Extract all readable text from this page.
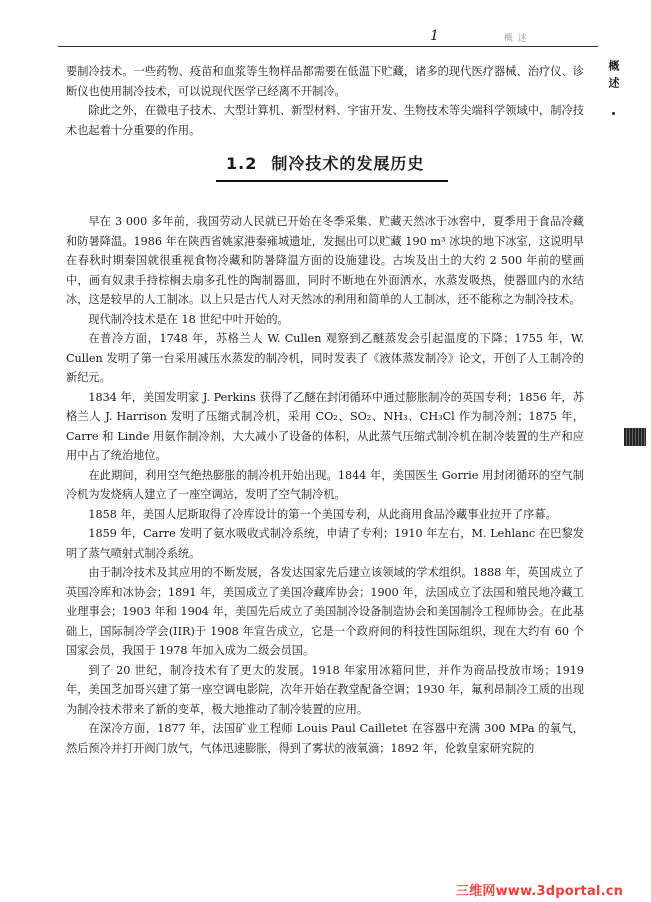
1	概 述
概述

要制冷技术。一些药物、疫苗和血浆等生物样品都需要在低温下贮藏，诸多的现代医疗器械、治疗仪、诊断仪也使用制冷技术，可以说现代医学已经离不开制冷。

除此之外，在微电子技术、大型计算机、新型材料、宇宙开发、生物技术等尖端科学领域中，制冷技术也起着十分重要的作用。

1.2 制冷技术的发展历史

早在 3 000 多年前，我国劳动人民就已开始在冬季采集、贮藏天然冰于冰窖中，夏季用于食品冷藏和防暑降温。1986 年在陕西省姚家港秦雍城遗址，发掘出可以贮藏 190 m³ 冰块的地下冰室，这说明早在春秋时期秦国就很重视食物冷藏和防暑降温方面的设施建设。古埃及出土的大约 2 500 年前的壁画中，画有奴隶手持棕榈去扇多孔性的陶制器皿，同时不断地在外面洒水，水蒸发吸热，使器皿内的水结冰，这是较早的人工制冰。以上只是古代人对天然冰的利用和简单的人工制冰，还不能称之为制冷技术。

现代制冷技术是在 18 世纪中叶开始的。

在普冷方面，1748 年，苏格兰人 W. Cullen 观察到乙醚蒸发会引起温度的下降；1755 年，W. Cullen 发明了第一台采用减压水蒸发的制冷机，同时发表了《液体蒸发制冷》论文，开创了人工制冷的新纪元。

1834 年，美国发明家 J. Perkins 获得了乙醚在封闭循环中通过膨胀制冷的英国专利；1856 年，苏格兰人 J. Harrison 发明了压缩式制冷机，采用 CO₂、SO₂、NH₃、CH₃Cl 作为制冷剂；1875 年，Carre 和 Linde 用氨作制冷剂，大大减小了设备的体积，从此蒸气压缩式制冷机在制冷装置的生产和应用中占了统治地位。

在此期间，利用空气绝热膨胀的制冷机开始出现。1844 年，美国医生 Gorrie 用封闭循环的空气制冷机为发烧病人建立了一座空调站，发明了空气制冷机。

1858 年，美国人尼斯取得了冷库设计的第一个美国专利，从此商用食品冷藏事业拉开了序幕。

1859 年，Carre 发明了氨水吸收式制冷系统，申请了专利；1910 年左右，M. Lehlanc 在巴黎发明了蒸气喷射式制冷系统。

由于制冷技术及其应用的不断发展，各发达国家先后建立该领域的学术组织。1888 年，英国成立了英国冷库和冰协会；1891 年，美国成立了美国冷藏库协会；1900 年，法国成立了法国和殖民地冷藏工业理事会；1903 年和 1904 年，美国先后成立了美国制冷设备制造协会和美国制冷工程师协会。在此基础上，国际制冷学会(IIR)于 1908 年宣告成立，它是一个政府间的科技性国际组织，现在大约有 60 个国家会员，我国于 1978 年加入成为二级会员国。

到了 20 世纪，制冷技术有了更大的发展。1918 年家用冰箱问世，并作为商品投放市场；1919 年，美国芝加哥兴建了第一座空调电影院，次年开始在教堂配备空调；1930 年，氟利昂制冷工质的出现为制冷技术带来了新的变革，极大地推动了制冷装置的应用。

在深冷方面，1877 年，法国矿业工程师 Louis Paul Cailletet 在容器中充满 300 MPa 的氧气，然后预冷并打开阀门放气，气体迅速膨胀，得到了雾状的液氧滴；1892 年，伦敦皇家研究院的

三维网www.3dportal.cn
